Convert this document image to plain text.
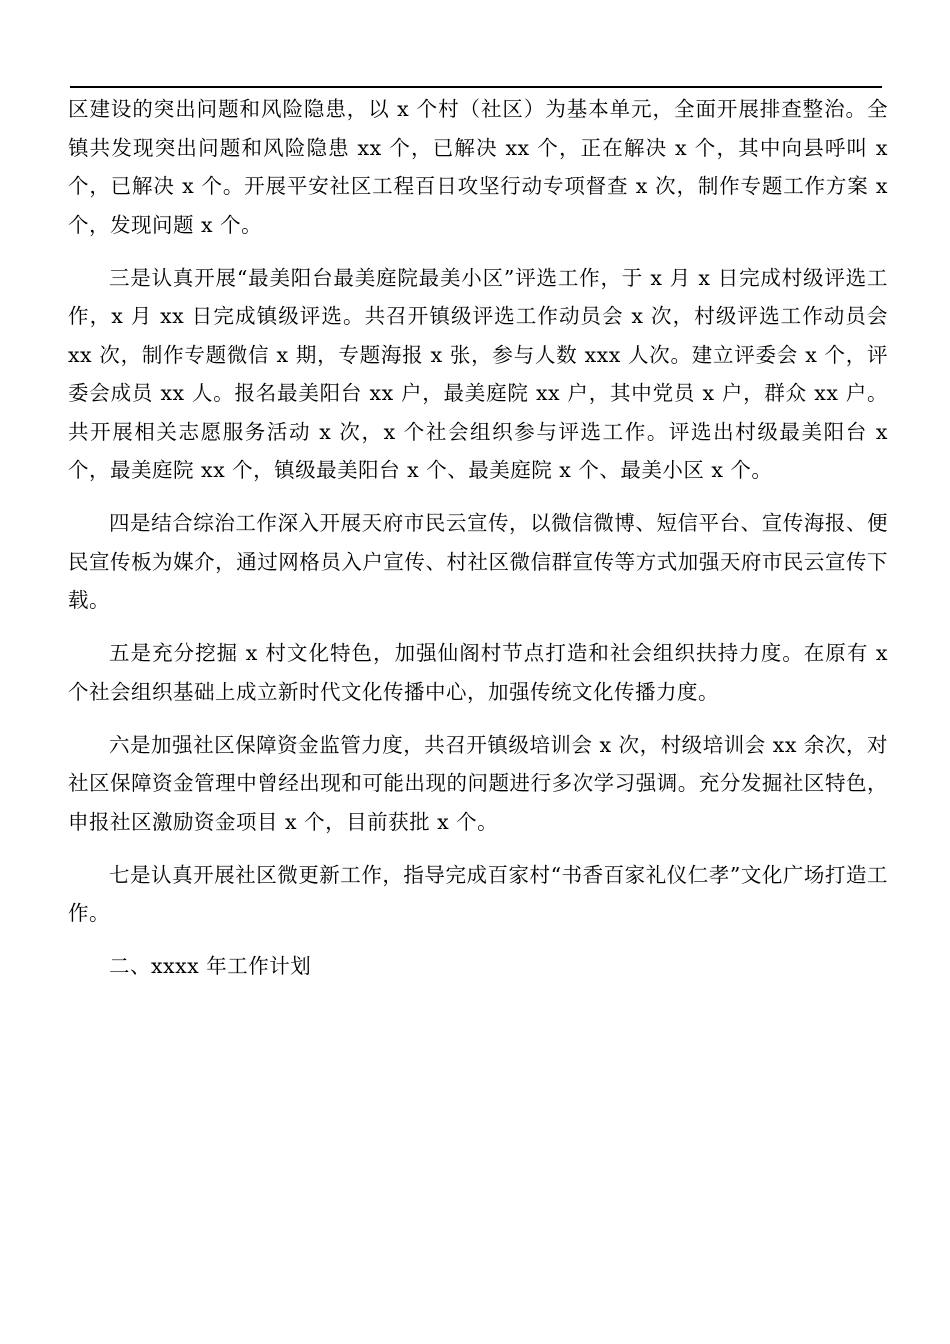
区建设的突出问题和风险隐患，以 x 个村（社区）为基本单元，全面开展排查整治。全镇共发现突出问题和风险隐患 xx 个，已解决 xx 个，正在解决 x 个，其中向县呼叫 x 个，已解决 x 个。开展平安社区工程百日攻坚行动专项督查 x 次，制作专题工作方案 x 个，发现问题 x 个。

三是认真开展“最美阳台最美庭院最美小区”评选工作，于 x 月 x 日完成村级评选工作，x 月 xx 日完成镇级评选。共召开镇级评选工作动员会 x 次，村级评选工作动员会 xx 次，制作专题微信 x 期，专题海报 x 张，参与人数 xxx 人次。建立评委会 x 个，评委会成员 xx 人。报名最美阳台 xx 户，最美庭院 xx 户，其中党员 x 户，群众 xx 户。共开展相关志愿服务活动 x 次，x 个社会组织参与评选工作。评选出村级最美阳台 x 个，最美庭院 xx 个，镇级最美阳台 x 个、最美庭院 x 个、最美小区 x 个。

四是结合综治工作深入开展天府市民云宣传，以微信微博、短信平台、宣传海报、便民宣传板为媒介，通过网格员入户宣传、村社区微信群宣传等方式加强天府市民云宣传下载。

五是充分挖掘 x 村文化特色，加强仙阁村节点打造和社会组织扶持力度。在原有 x 个社会组织基础上成立新时代文化传播中心，加强传统文化传播力度。

六是加强社区保障资金监管力度，共召开镇级培训会 x 次，村级培训会 xx 余次，对社区保障资金管理中曾经出现和可能出现的问题进行多次学习强调。充分发掘社区特色，申报社区激励资金项目 x 个，目前获批 x 个。

七是认真开展社区微更新工作，指导完成百家村“书香百家礼仪仁孝”文化广场打造工作。

二、xxxx 年工作计划
